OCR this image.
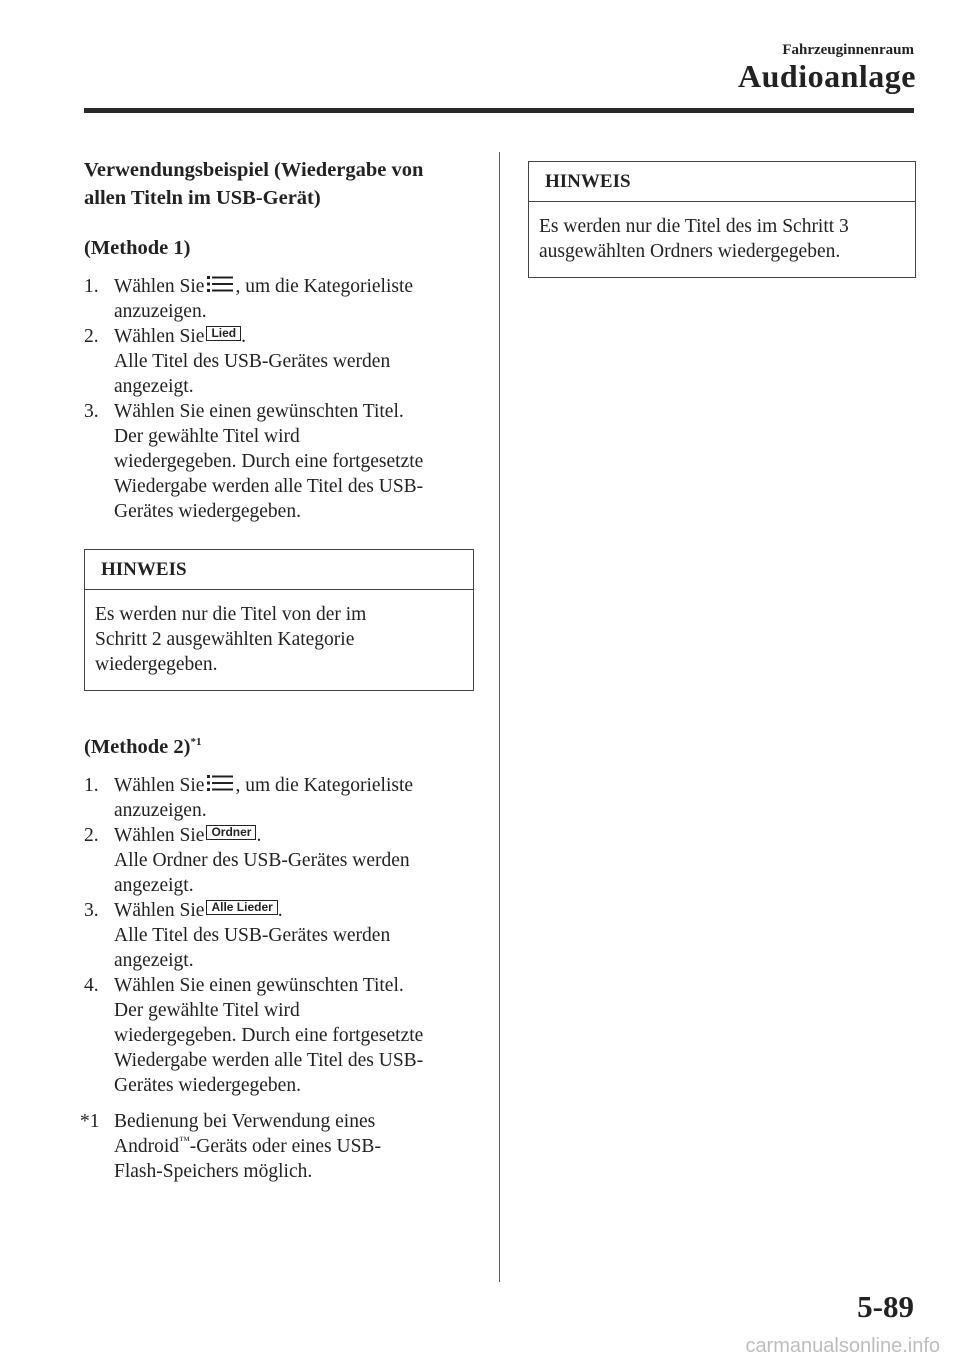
Fahrzeuginnenraum
Audioanlage

Verwendungsbeispiel (Wiedergabe von
allen Titeln im USB-Gerät)

(Methode 1)

1. Wählen Sie , um die Kategorieliste
anzuzeigen.
2. Wählen Sie Lied .
Alle Titel des USB-Gerätes werden
angezeigt.
3. Wählen Sie einen gewünschten Titel.
Der gewählte Titel wird
wiedergegeben. Durch eine fortgesetzte
Wiedergabe werden alle Titel des USB-
Gerätes wiedergegeben.
HINWEIS
Es werden nur die Titel von der im
Schritt 2 ausgewählten Kategorie
wiedergegeben.

(Methode 2)$^{*1}$

1. Wählen Sie , um die Kategorieliste
anzuzeigen.
2. Wählen Sie Ordner .
Alle Ordner des USB-Gerätes werden
angezeigt.
3. Wählen Sie Alle Lieder .
Alle Titel des USB-Gerätes werden
angezeigt.
4. Wählen Sie einen gewünschten Titel.
Der gewählte Titel wird
wiedergegeben. Durch eine fortgesetzte
Wiedergabe werden alle Titel des USB-
Gerätes wiedergegeben.
*1 Bedienung bei Verwendung eines
Android™-Geräts oder eines USB-
Flash-Speichers möglich.
HINWEIS
Es werden nur die Titel des im Schritt 3
ausgewählten Ordners wiedergegeben.
5-89
carmanualsonline.info
